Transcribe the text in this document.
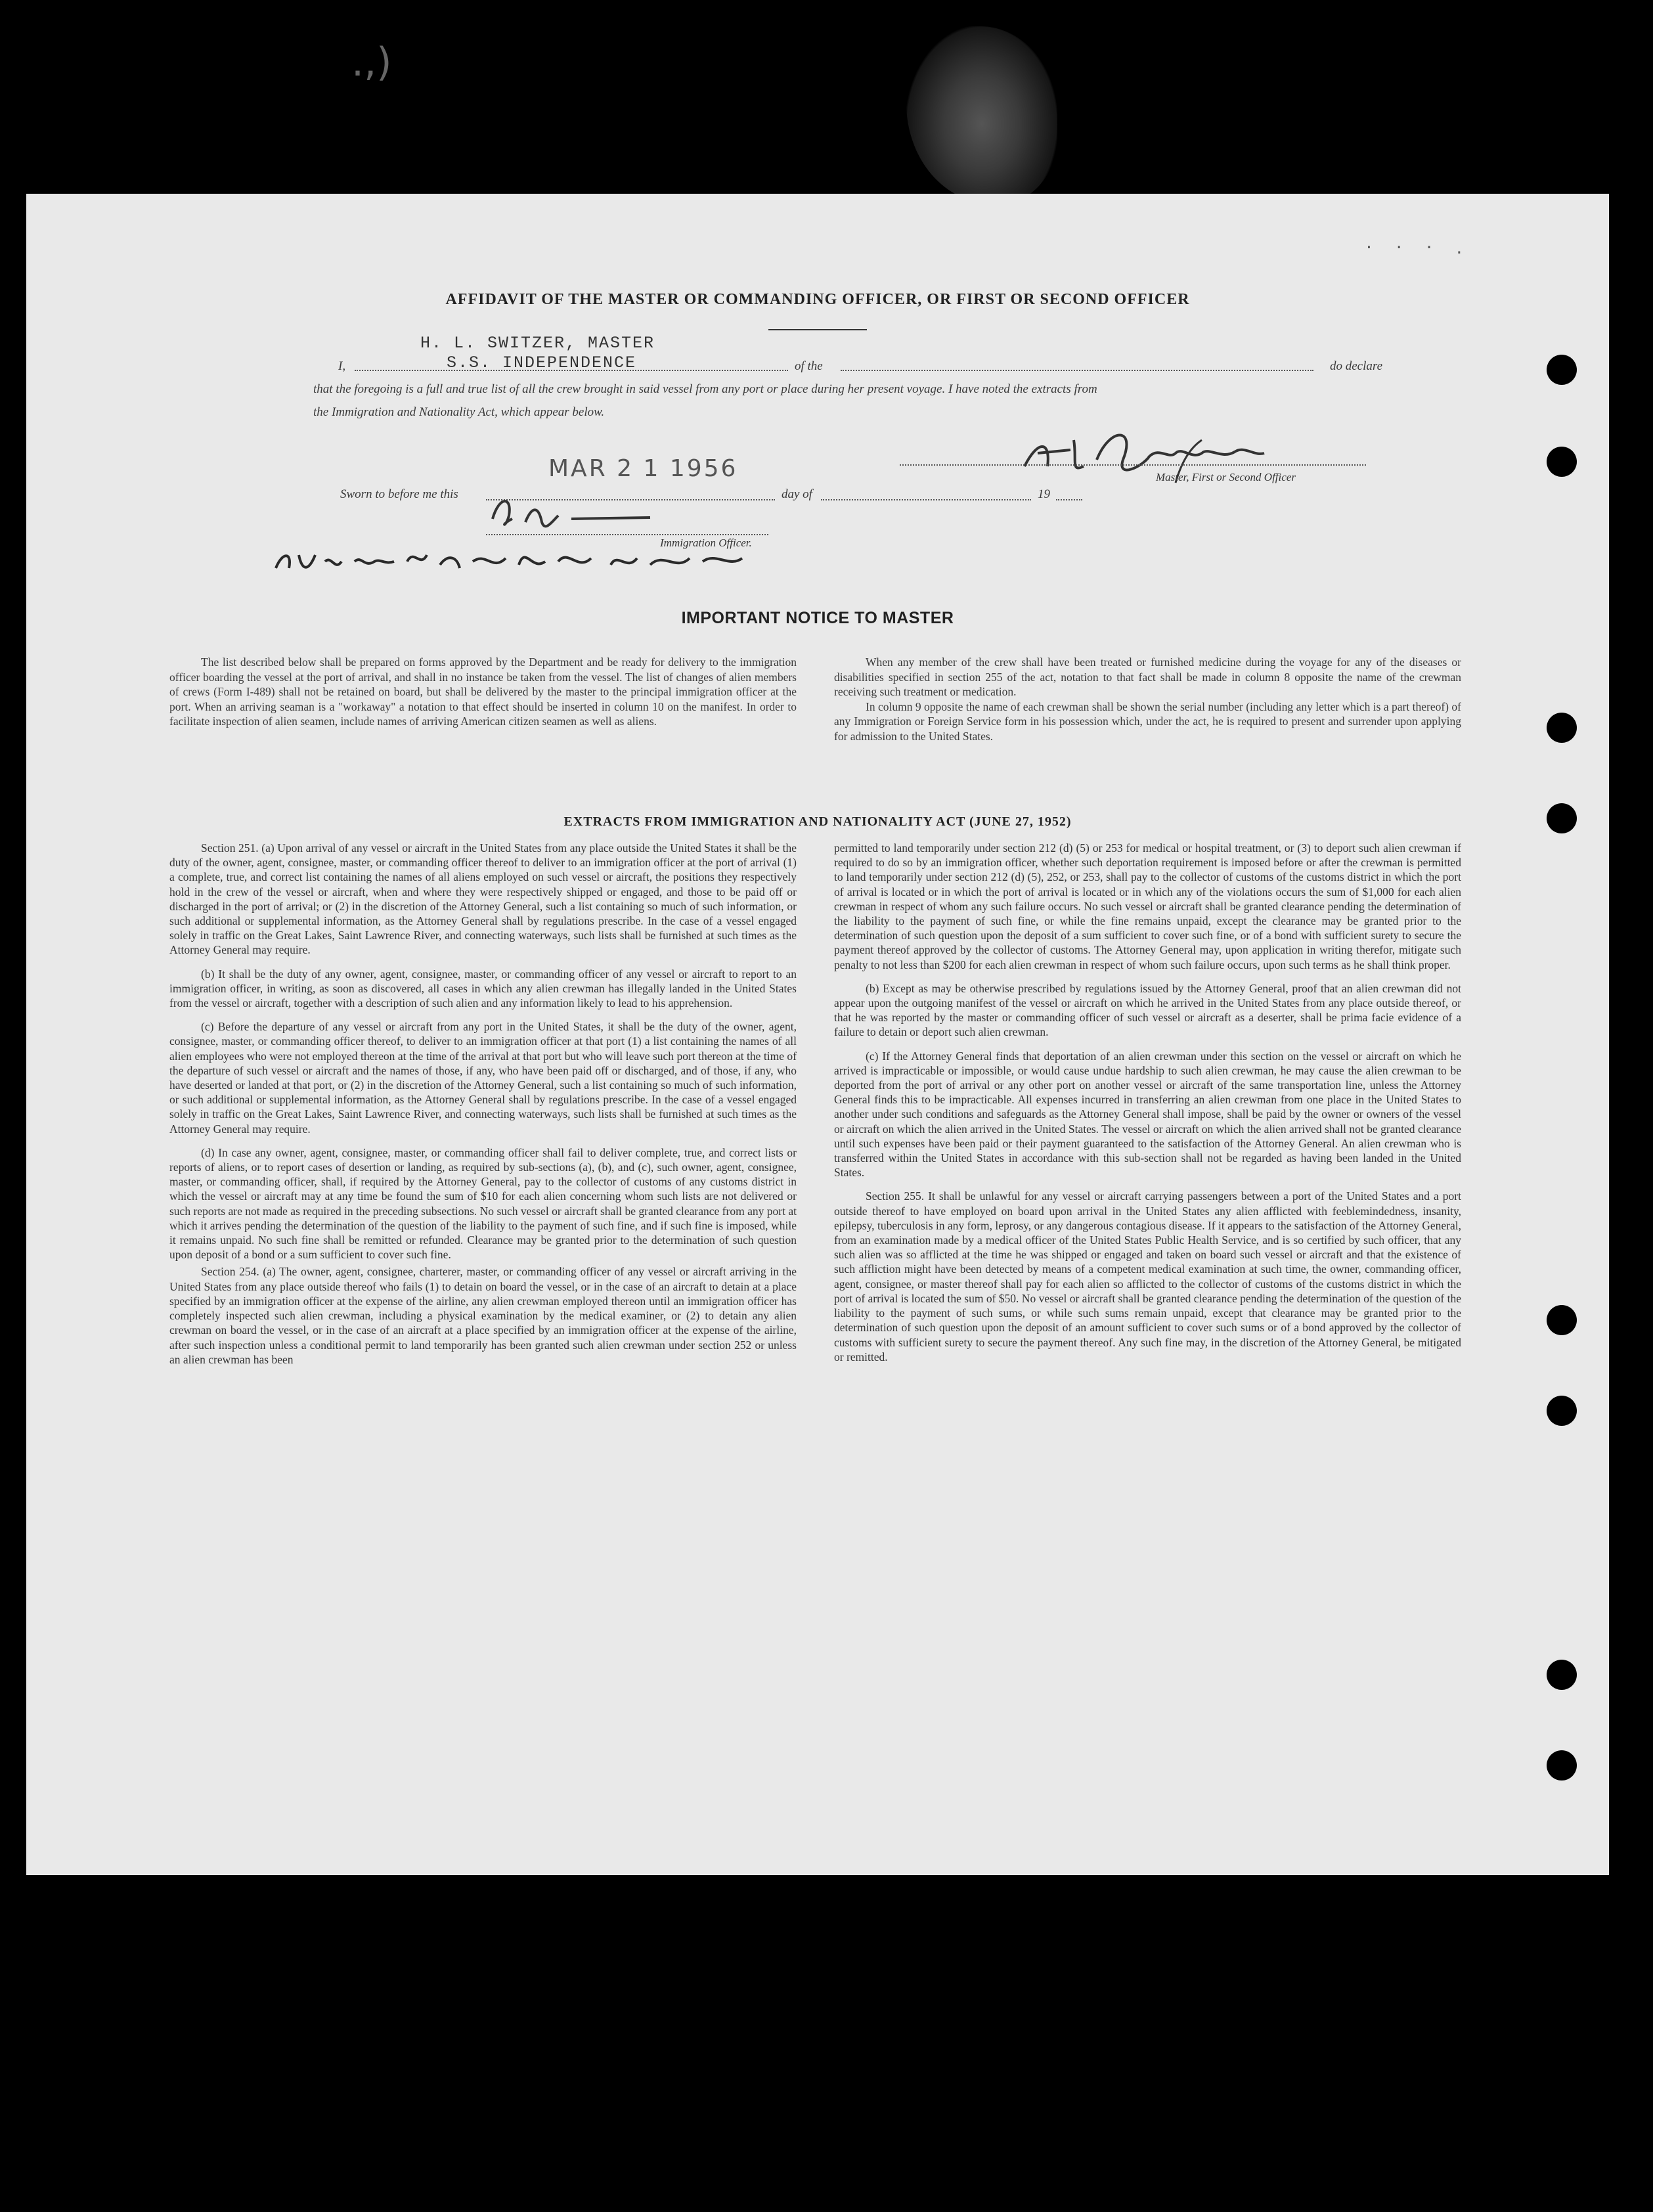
.,)
· · · .
AFFIDAVIT OF THE MASTER OR COMMANDING OFFICER, OR FIRST OR SECOND OFFICER
H. L. SWITZER, MASTER
I,	S.S. INDEPENDENCE	of the	do declare
that the foregoing is a full and true list of all the crew brought in said vessel from any port or place during her present voyage. I have noted the extracts from
the Immigration and Nationality Act, which appear below.
MAR 2 1 1956	Master, First or Second Officer
Sworn to before me this	day of	19
Immigration Officer.
IMPORTANT NOTICE TO MASTER

The list described below shall be prepared on forms approved by the Department and be ready for delivery to the immigration officer boarding the vessel at the port of arrival, and shall in no instance be taken from the vessel. The list of changes of alien members of crews (Form I-489) shall not be retained on board, but shall be delivered by the master to the principal immigration officer at the port. When an arriving seaman is a "workaway" a notation to that effect should be inserted in column 10 on the manifest. In order to facilitate inspection of alien seamen, include names of arriving American citizen seamen as well as aliens.

When any member of the crew shall have been treated or furnished medicine during the voyage for any of the diseases or disabilities specified in section 255 of the act, notation to that fact shall be made in column 8 opposite the name of the crewman receiving such treatment or medication.

In column 9 opposite the name of each crewman shall be shown the serial number (including any letter which is a part thereof) of any Immigration or Foreign Service form in his possession which, under the act, he is required to present and surrender upon applying for admission to the United States.

EXTRACTS FROM IMMIGRATION AND NATIONALITY ACT (JUNE 27, 1952)

Section 251. (a) Upon arrival of any vessel or aircraft in the United States from any place outside the United States it shall be the duty of the owner, agent, consignee, master, or commanding officer thereof to deliver to an immigration officer at the port of arrival (1) a complete, true, and correct list containing the names of all aliens employed on such vessel or aircraft, the positions they respectively hold in the crew of the vessel or aircraft, when and where they were respectively shipped or engaged, and those to be paid off or discharged in the port of arrival; or (2) in the discretion of the Attorney General, such a list containing so much of such information, or such additional or supplemental information, as the Attorney General shall by regulations prescribe. In the case of a vessel engaged solely in traffic on the Great Lakes, Saint Lawrence River, and connecting waterways, such lists shall be furnished at such times as the Attorney General may require.

(b) It shall be the duty of any owner, agent, consignee, master, or commanding officer of any vessel or aircraft to report to an immigration officer, in writing, as soon as discovered, all cases in which any alien crewman has illegally landed in the United States from the vessel or aircraft, together with a description of such alien and any information likely to lead to his apprehension.

(c) Before the departure of any vessel or aircraft from any port in the United States, it shall be the duty of the owner, agent, consignee, master, or commanding officer thereof, to deliver to an immigration officer at that port (1) a list containing the names of all alien employees who were not employed thereon at the time of the arrival at that port but who will leave such port thereon at the time of the departure of such vessel or aircraft and the names of those, if any, who have been paid off or discharged, and of those, if any, who have deserted or landed at that port, or (2) in the discretion of the Attorney General, such a list containing so much of such information, or such additional or supplemental information, as the Attorney General shall by regulations prescribe. In the case of a vessel engaged solely in traffic on the Great Lakes, Saint Lawrence River, and connecting waterways, such lists shall be furnished at such times as the Attorney General may require.

(d) In case any owner, agent, consignee, master, or commanding officer shall fail to deliver complete, true, and correct lists or reports of aliens, or to report cases of desertion or landing, as required by sub-sections (a), (b), and (c), such owner, agent, consignee, master, or commanding officer, shall, if required by the Attorney General, pay to the collector of customs of any customs district in which the vessel or aircraft may at any time be found the sum of $10 for each alien concerning whom such lists are not delivered or such reports are not made as required in the preceding subsections. No such vessel or aircraft shall be granted clearance from any port at which it arrives pending the determination of the question of the liability to the payment of such fine, and if such fine is imposed, while it remains unpaid. No such fine shall be remitted or refunded. Clearance may be granted prior to the determination of such question upon deposit of a bond or a sum sufficient to cover such fine.

Section 254. (a) The owner, agent, consignee, charterer, master, or commanding officer of any vessel or aircraft arriving in the United States from any place outside thereof who fails (1) to detain on board the vessel, or in the case of an aircraft to detain at a place specified by an immigration officer at the expense of the airline, any alien crewman employed thereon until an immigration officer has completely inspected such alien crewman, including a physical examination by the medical examiner, or (2) to detain any alien crewman on board the vessel, or in the case of an aircraft at a place specified by an immigration officer at the expense of the airline, after such inspection unless a conditional permit to land temporarily has been granted such alien crewman under section 252 or unless an alien crewman has been

permitted to land temporarily under section 212 (d) (5) or 253 for medical or hospital treatment, or (3) to deport such alien crewman if required to do so by an immigration officer, whether such deportation requirement is imposed before or after the crewman is permitted to land temporarily under section 212 (d) (5), 252, or 253, shall pay to the collector of customs of the customs district in which the port of arrival is located or in which the port of arrival is located or in which any of the violations occurs the sum of $1,000 for each alien crewman in respect of whom any such failure occurs. No such vessel or aircraft shall be granted clearance pending the determination of the liability to the payment of such fine, or while the fine remains unpaid, except the clearance may be granted prior to the determination of such question upon the deposit of a sum sufficient to cover such fine, or of a bond with sufficient surety to secure the payment thereof approved by the collector of customs. The Attorney General may, upon application in writing therefor, mitigate such penalty to not less than $200 for each alien crewman in respect of whom such failure occurs, upon such terms as he shall think proper.

(b) Except as may be otherwise prescribed by regulations issued by the Attorney General, proof that an alien crewman did not appear upon the outgoing manifest of the vessel or aircraft on which he arrived in the United States from any place outside thereof, or that he was reported by the master or commanding officer of such vessel or aircraft as a deserter, shall be prima facie evidence of a failure to detain or deport such alien crewman.

(c) If the Attorney General finds that deportation of an alien crewman under this section on the vessel or aircraft on which he arrived is impracticable or impossible, or would cause undue hardship to such alien crewman, he may cause the alien crewman to be deported from the port of arrival or any other port on another vessel or aircraft of the same transportation line, unless the Attorney General finds this to be impracticable. All expenses incurred in transferring an alien crewman from one place in the United States to another under such conditions and safeguards as the Attorney General shall impose, shall be paid by the owner or owners of the vessel or aircraft on which the alien arrived in the United States. The vessel or aircraft on which the alien arrived shall not be granted clearance until such expenses have been paid or their payment guaranteed to the satisfaction of the Attorney General. An alien crewman who is transferred within the United States in accordance with this sub-section shall not be regarded as having been landed in the United States.

Section 255. It shall be unlawful for any vessel or aircraft carrying passengers between a port of the United States and a port outside thereof to have employed on board upon arrival in the United States any alien afflicted with feeblemindedness, insanity, epilepsy, tuberculosis in any form, leprosy, or any dangerous contagious disease. If it appears to the satisfaction of the Attorney General, from an examination made by a medical officer of the United States Public Health Service, and is so certified by such officer, that any such alien was so afflicted at the time he was shipped or engaged and taken on board such vessel or aircraft and that the existence of such affliction might have been detected by means of a competent medical examination at such time, the owner, commanding officer, agent, consignee, or master thereof shall pay for each alien so afflicted to the collector of customs of the customs district in which the port of arrival is located the sum of $50. No vessel or aircraft shall be granted clearance pending the determination of the question of the liability to the payment of such sums, or while such sums remain unpaid, except that clearance may be granted prior to the determination of such question upon the deposit of an amount sufficient to cover such sums or of a bond approved by the collector of customs with sufficient surety to secure the payment thereof. Any such fine may, in the discretion of the Attorney General, be mitigated or remitted.
